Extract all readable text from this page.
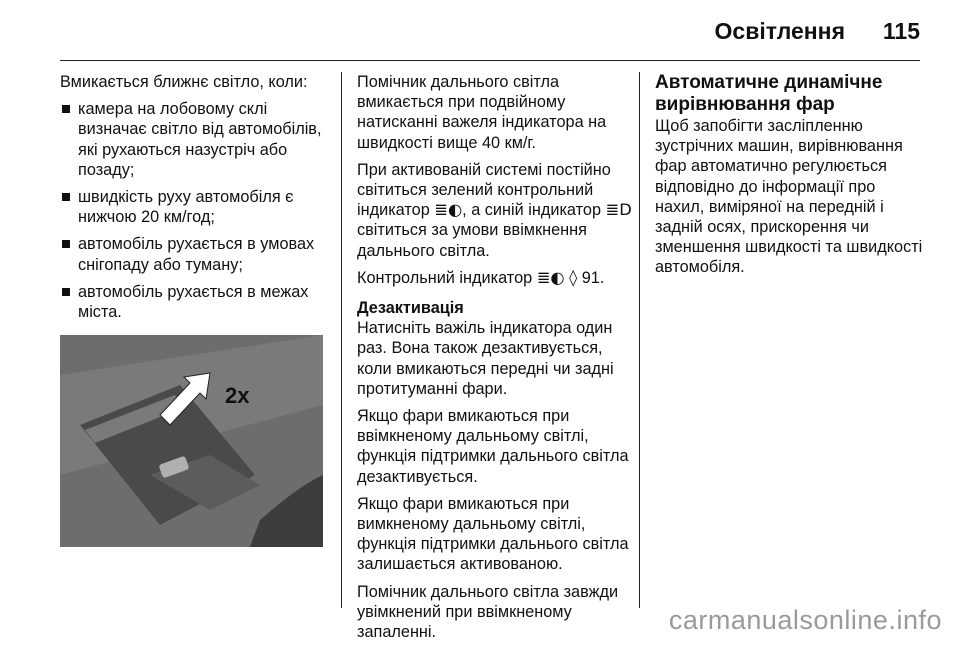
Освітлення 115

Вмикається ближнє світло, коли:

камера на лобовому склі визначає світло від автомобілів, які рухаються назустріч або позаду;
швидкість руху автомобіля є нижчою 20 км/год;
автомобіль рухається в умовах снігопаду або туману;
автомобіль рухається в межах міста.
2x

Помічник дальнього світла вмикається при подвійному натисканні важеля індикатора на швидкості вище 40 км/г.

При активованій системі постійно світиться зелений контрольний індикатор ≣◐, а синій індикатор ≣D світиться за умови ввімкнення дальнього світла.

Контрольний індикатор ≣◐ ◊ 91.

Дезактивація

Натисніть важіль індикатора один раз. Вона також дезактивується, коли вмикаються передні чи задні протитуманні фари.

Якщо фари вмикаються при ввімкненому дальньому світлі, функція підтримки дальнього світла дезактивується.

Якщо фари вмикаються при вимкненому дальньому світлі, функція підтримки дальнього світла залишається активованою.

Помічник дальнього світла завжди увімкнений при ввімкненому запаленні.

Автоматичне динамічне вирівнювання фар

Щоб запобігти засліпленню зустрічних машин, вирівнювання фар автоматично регулюється відповідно до інформації про нахил, виміряної на передній і задній осях, прискорення чи зменшення швидкості та швидкості автомобіля.

carmanualsonline.info
